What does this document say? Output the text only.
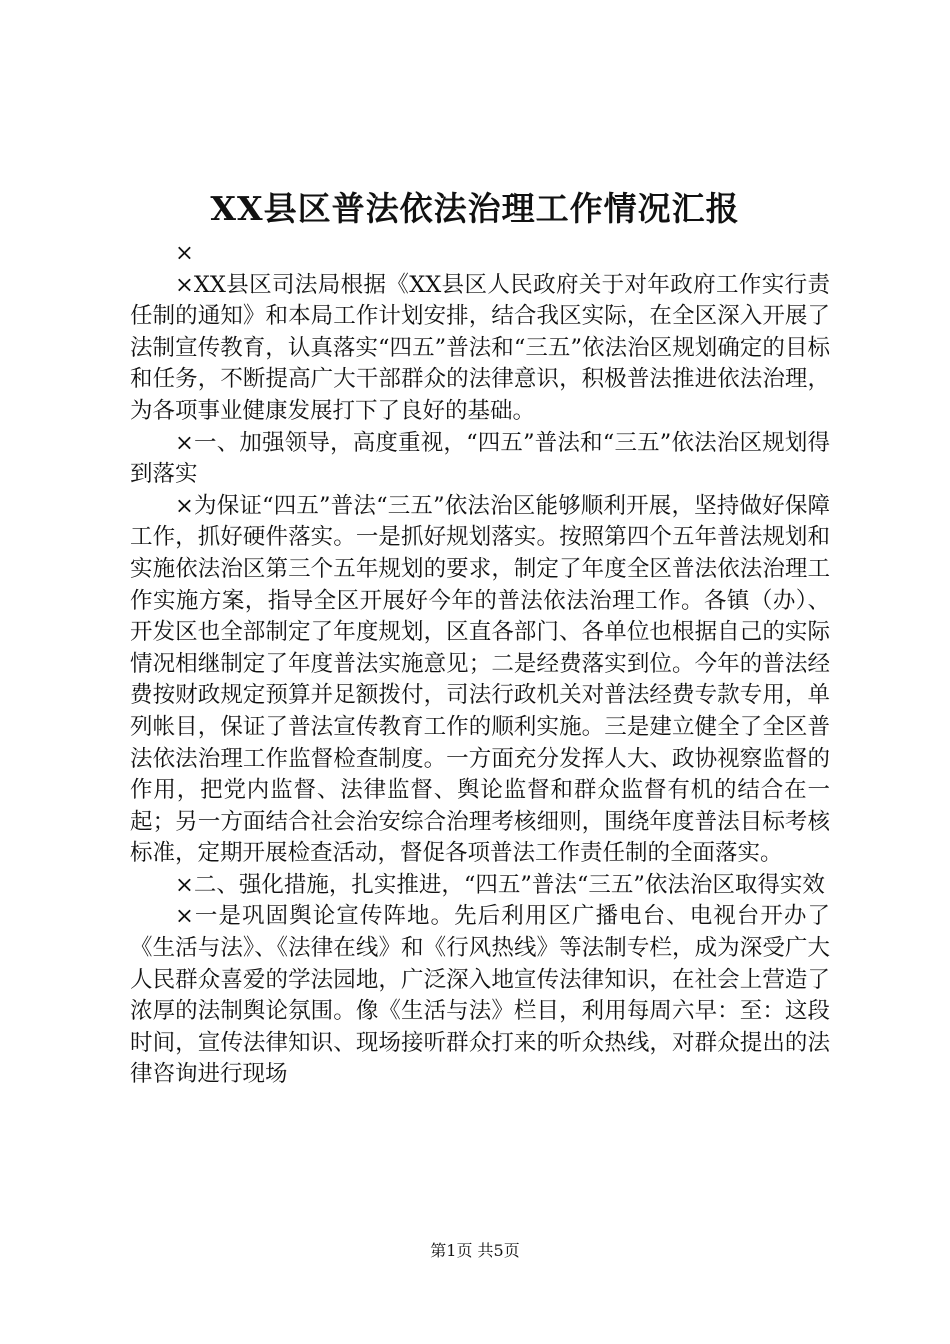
XX县区普法依法治理工作情况汇报

×

×XX县区司法局根据《XX县区人民政府关于对年政府工作实行责任制的通知》和本局工作计划安排，结合我区实际，在全区深入开展了法制宣传教育，认真落实“四五”普法和“三五”依法治区规划确定的目标和任务，不断提高广大干部群众的法律意识，积极普法推进依法治理，为各项事业健康发展打下了良好的基础。

×一、加强领导，高度重视，“四五”普法和“三五”依法治区规划得到落实

×为保证“四五”普法“三五”依法治区能够顺利开展，坚持做好保障工作，抓好硬件落实。一是抓好规划落实。按照第四个五年普法规划和实施依法治区第三个五年规划的要求，制定了年度全区普法依法治理工作实施方案，指导全区开展好今年的普法依法治理工作。各镇（办）、开发区也全部制定了年度规划，区直各部门、各单位也根据自己的实际情况相继制定了年度普法实施意见；二是经费落实到位。今年的普法经费按财政规定预算并足额拨付，司法行政机关对普法经费专款专用，单列帐目，保证了普法宣传教育工作的顺利实施。三是建立健全了全区普法依法治理工作监督检查制度。一方面充分发挥人大、政协视察监督的作用，把党内监督、法律监督、舆论监督和群众监督有机的结合在一起；另一方面结合社会治安综合治理考核细则，围绕年度普法目标考核标准，定期开展检查活动，督促各项普法工作责任制的全面落实。

×二、强化措施，扎实推进，“四五”普法“三五”依法治区取得实效

×一是巩固舆论宣传阵地。先后利用区广播电台、电视台开办了《生活与法》、《法律在线》和《行风热线》等法制专栏，成为深受广大人民群众喜爱的学法园地，广泛深入地宣传法律知识，在社会上营造了浓厚的法制舆论氛围。像《生活与法》栏目，利用每周六早：至：这段时间，宣传法律知识、现场接听群众打来的听众热线，对群众提出的法律咨询进行现场

第1页 共5页
